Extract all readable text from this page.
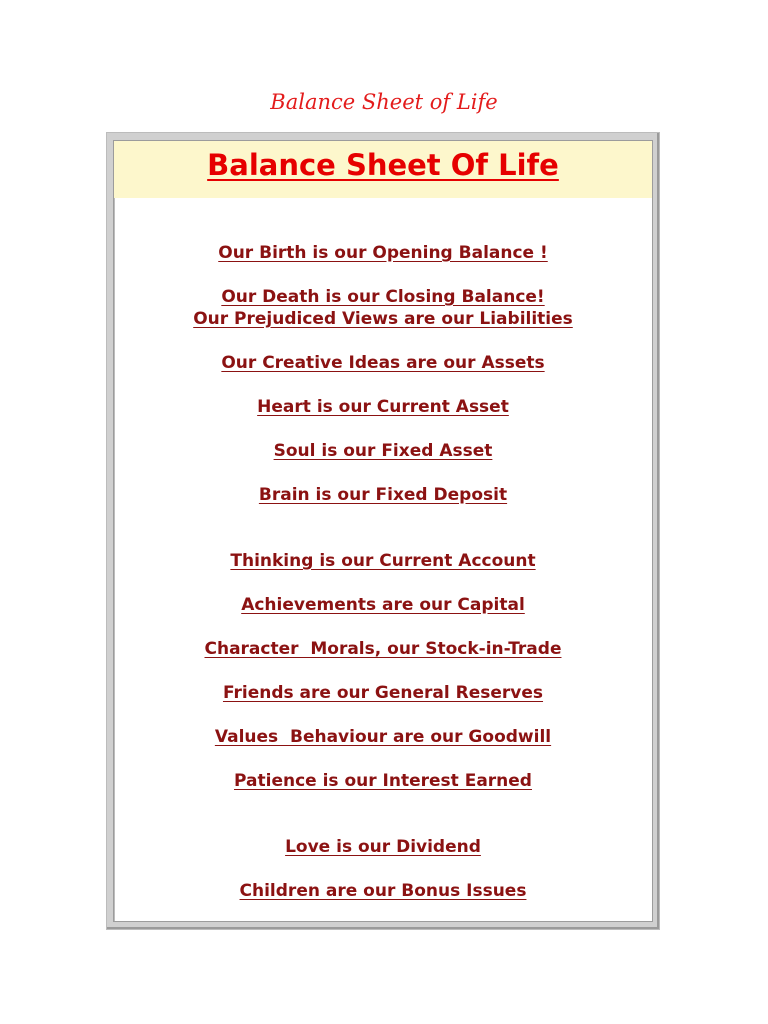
Balance Sheet of Life
Balance Sheet Of Life
Our Birth is our Opening Balance !
Our Death is our Closing Balance!
Our Prejudiced Views are our Liabilities
Our Creative Ideas are our Assets
Heart is our Current Asset
Soul is our Fixed Asset
Brain is our Fixed Deposit
Thinking is our Current Account
Achievements are our Capital
Character  Morals, our Stock-in-Trade
Friends are our General Reserves
Values  Behaviour are our Goodwill
Patience is our Interest Earned
Love is our Dividend
Children are our Bonus Issues
